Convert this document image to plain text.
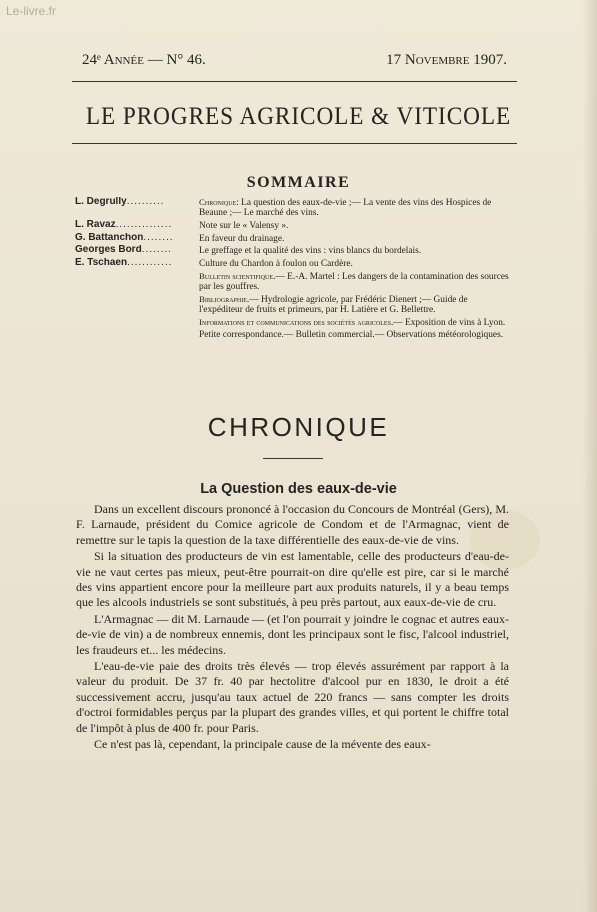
Le-livre.fr
24ᵉ Année — N° 46.	17 Novembre 1907.
LE PROGRES AGRICOLE & VITICOLE
SOMMAIRE
L. Degrully..........	Chronique: La question des eaux-de-vie ;— La vente des vins des Hospices de Beaune ;— Le marché des vins.
L. Ravaz...............	Note sur le « Valensy ».
G. Battanchon........	En faveur du drainage.
Georges Bord........	Le greffage et la qualité des vins : vins blancs du bordelais.
E. Tschaen............	Culture du Chardon à foulon ou Cardère.
Bulletin scientifique.— E.-A. Martel : Les dangers de la contamination des sources par les gouffres.
Bibliographie.— Hydrologie agricole, par Frédéric Dienert ;— Guide de l'expéditeur de fruits et primeurs, par H. Latière et G. Bellettre.
Informations et communications des sociétés agricoles.— Exposition de vins à Lyon.
Petite correspondance.— Bulletin commercial.— Observations météorologiques.
CHRONIQUE
La Question des eaux-de-vie

Dans un excellent discours prononcé à l'occasion du Concours de Montréal (Gers), M. F. Larnaude, président du Comice agricole de Condom et de l'Armagnac, vient de remettre sur le tapis la question de la taxe différentielle des eaux-de-vie de vins.

Si la situation des producteurs de vin est lamentable, celle des producteurs d'eau-de-vie ne vaut certes pas mieux, peut-être pourrait-on dire qu'elle est pire, car si le marché des vins appartient encore pour la meilleure part aux produits naturels, il y a beau temps que les alcools industriels se sont substitués, à peu près partout, aux eaux-de-vie de cru.

L'Armagnac — dit M. Larnaude — (et l'on pourrait y joindre le cognac et autres eaux-de-vie de vin) a de nombreux ennemis, dont les principaux sont le fisc, l'alcool industriel, les fraudeurs et... les médecins.

L'eau-de-vie paie des droits très élevés — trop élevés assurément par rapport à la valeur du produit. De 37 fr. 40 par hectolitre d'alcool pur en 1830, le droit a été successivement accru, jusqu'au taux actuel de 220 francs — sans compter les droits d'octroi formidables perçus par la plupart des grandes villes, et qui portent le chiffre total de l'impôt à plus de 400 fr. pour Paris.

Ce n'est pas là, cependant, la principale cause de la mévente des eaux-
